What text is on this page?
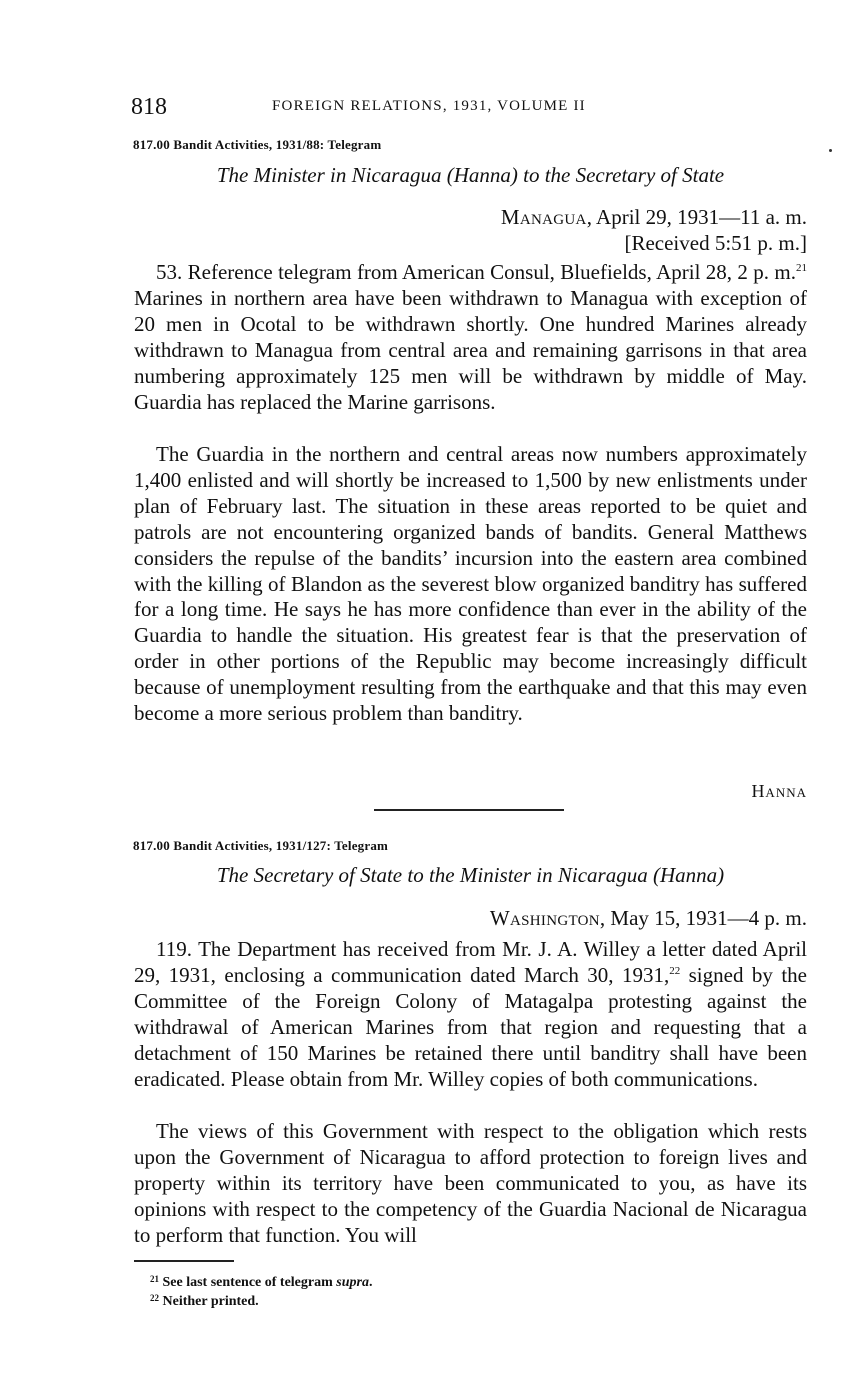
818	FOREIGN RELATIONS, 1931, VOLUME II
817.00 Bandit Activities, 1931/88: Telegram
The Minister in Nicaragua (Hanna) to the Secretary of State
Managua, April 29, 1931—11 a. m.
[Received 5:51 p. m.]

53. Reference telegram from American Consul, Bluefields, April 28, 2 p. m.$^{21}$ Marines in northern area have been withdrawn to Managua with exception of 20 men in Ocotal to be withdrawn shortly. One hundred Marines already withdrawn to Managua from central area and remaining garrisons in that area numbering approximately 125 men will be withdrawn by middle of May. Guardia has replaced the Marine garrisons.

The Guardia in the northern and central areas now numbers approximately 1,400 enlisted and will shortly be increased to 1,500 by new enlistments under plan of February last. The situation in these areas reported to be quiet and patrols are not encountering organized bands of bandits. General Matthews considers the repulse of the bandits’ incursion into the eastern area combined with the killing of Blandon as the severest blow organized banditry has suffered for a long time. He says he has more confidence than ever in the ability of the Guardia to handle the situation. His greatest fear is that the preservation of order in other portions of the Republic may become increasingly difficult because of unemployment resulting from the earthquake and that this may even become a more serious problem than banditry.

Hanna
817.00 Bandit Activities, 1931/127: Telegram
The Secretary of State to the Minister in Nicaragua (Hanna)
Washington, May 15, 1931—4 p. m.

119. The Department has received from Mr. J. A. Willey a letter dated April 29, 1931, enclosing a communication dated March 30, 1931,22 signed by the Committee of the Foreign Colony of Matagalpa protesting against the withdrawal of American Marines from that region and requesting that a detachment of 150 Marines be retained there until banditry shall have been eradicated. Please obtain from Mr. Willey copies of both communications.

The views of this Government with respect to the obligation which rests upon the Government of Nicaragua to afford protection to foreign lives and property within its territory have been communicated to you, as have its opinions with respect to the competency of the Guardia Nacional de Nicaragua to perform that function. You will

$^{21}$ See last sentence of telegram supra.
$^{22}$ Neither printed.
